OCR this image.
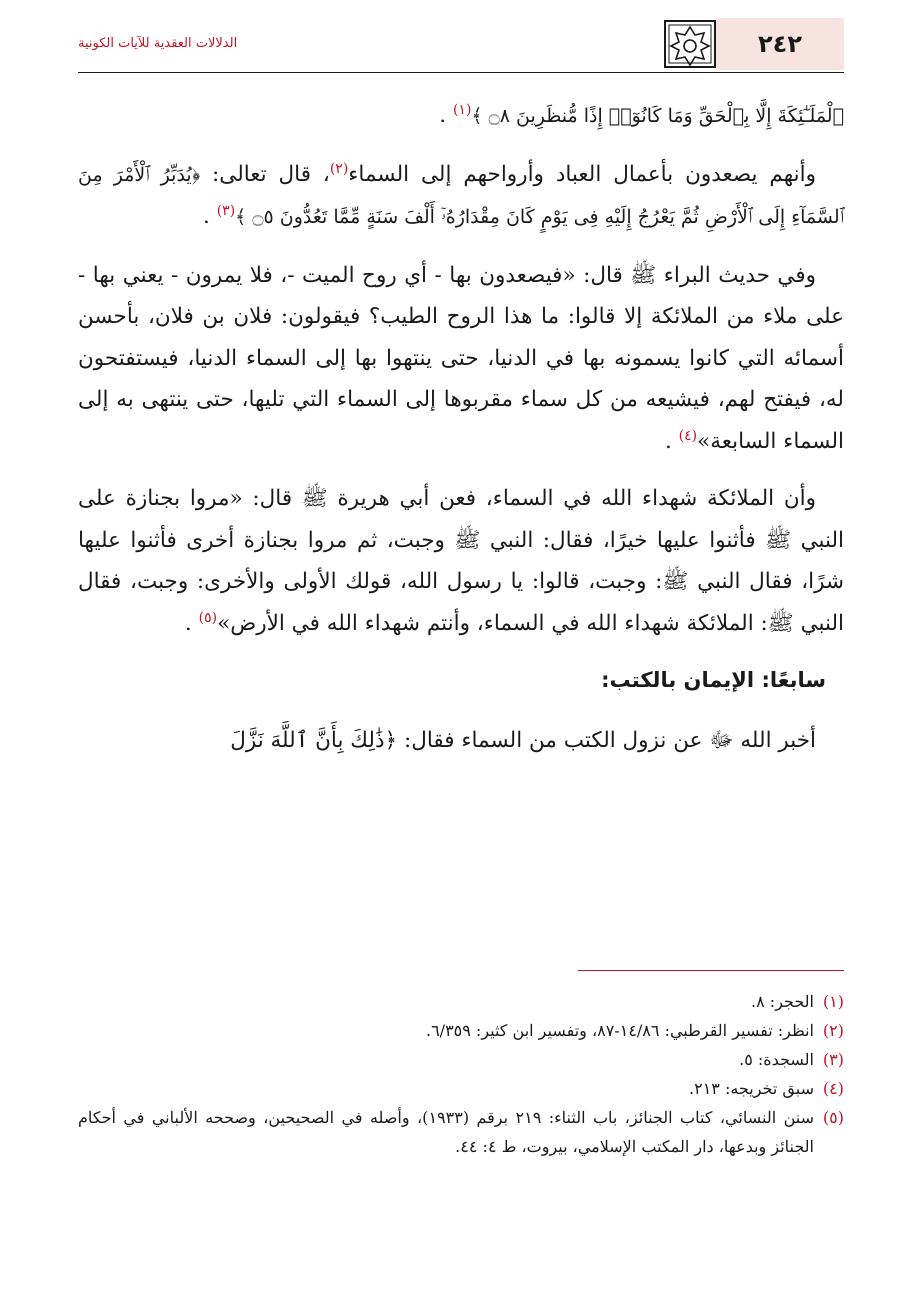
الدلالات العقدية للآيات الكونية	٢٤٢

ٱلْمَلَـٰٓئِكَةَ إِلَّا بِٱلْحَقِّ وَمَا كَانُوٓا۟ إِذًا مُّنظَرِينَ ۝٨ ﴾$^{(١)}$ .

وأنهم يصعدون بأعمال العباد وأرواحهم إلى السماء$^{(٢)}$، قال تعالى: ﴿يُدَبِّرُ ٱلْأَمْرَ مِنَ ٱلسَّمَآءِ إِلَى ٱلْأَرْضِ ثُمَّ يَعْرُجُ إِلَيْهِ فِى يَوْمٍ كَانَ مِقْدَارُهُۥٓ أَلْفَ سَنَةٍ مِّمَّا تَعُدُّونَ ۝٥ ﴾$^{(٣)}$ .

وفي حديث البراء ﷺ قال: «فيصعدون بها - أي روح الميت -، فلا يمرون - يعني بها - على ملاء من الملائكة إلا قالوا: ما هذا الروح الطيب؟ فيقولون: فلان بن فلان، بأحسن أسمائه التي كانوا يسمونه بها في الدنيا، حتى ينتهوا بها إلى السماء الدنيا، فيستفتحون له، فيفتح لهم، فيشيعه من كل سماء مقربوها إلى السماء التي تليها، حتى ينتهى به إلى السماء السابعة»$^{(٤)}$ .

وأن الملائكة شهداء الله في السماء، فعن أبي هريرة ﷺ قال: «مروا بجنازة على النبي ﷺ فأثنوا عليها خيرًا، فقال: النبي ﷺ وجبت، ثم مروا بجنازة أخرى فأثنوا عليها شرًا، فقال النبي ﷺ: وجبت، قالوا: يا رسول الله، قولك الأولى والأخرى: وجبت، فقال النبي ﷺ: الملائكة شهداء الله في السماء، وأنتم شهداء الله في الأرض»$^{(٥)}$ .

سابعًا: الإيمان بالكتب:

أخبر الله ﷻ عن نزول الكتب من السماء فقال: ﴿ذَٰلِكَ بِأَنَّ ٱللَّهَ نَزَّلَ

(١)
الحجر: ٨.
(٢)
انظر: تفسير القرطبي: ١٤/٨٦-٨٧، وتفسير ابن كثير: ٦/٣٥٩.
(٣)
السجدة: ٥.
(٤)
سبق تخريجه: ٢١٣.
(٥)
سنن النسائي، كتاب الجنائز، باب الثناء: ٢١٩ برقم (١٩٣٣)، وأصله في الصحيحين، وصححه الألباني في أحكام الجنائز وبدعها، دار المكتب الإسلامي، بيروت، ط ٤: ٤٤.
